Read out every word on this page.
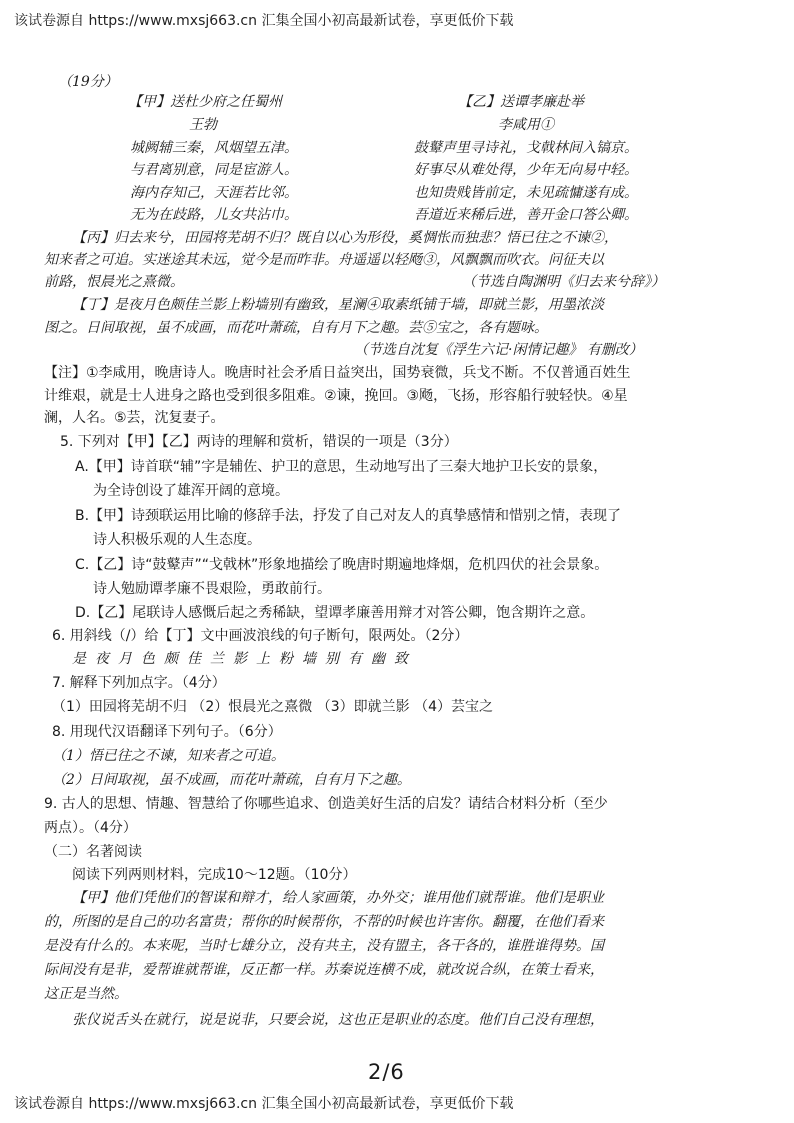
该试卷源自 https://www.mxsj663.cn 汇集全国小初高最新试卷，享更低价下载
（19分）
【甲】送杜少府之任蜀州
王勃
城阙辅三秦，风烟望五津。
与君离别意，同是宦游人。
海内存知己，天涯若比邻。
无为在歧路，儿女共沾巾。
【乙】送谭孝廉赴举
李咸用①
鼓鼙声里寻诗礼，戈戟林间入镐京。
好事尽从难处得，少年无向易中轻。
也知贵贱皆前定，未见疏慵遂有成。
吾道近来稀后进，善开金口答公卿。
【丙】归去来兮，田园将芜胡不归？既自以心为形役，奚惆怅而独悲？悟已往之不谏②，
知来者之可追。实迷途其未远，觉今是而昨非。舟遥遥以轻飏③，风飘飘而吹衣。问征夫以
前路，恨晨光之熹微。	（节选自陶渊明《归去来兮辞》）
【丁】是夜月色颇佳兰影上粉墙别有幽致，星澜④取素纸铺于墙，即就兰影，用墨浓淡
图之。日间取视，虽不成画，而花叶萧疏，自有月下之趣。芸⑤宝之，各有题咏。
（节选自沈复《浮生六记·闲情记趣》 有删改）
【注】①李咸用，晚唐诗人。晚唐时社会矛盾日益突出，国势衰微，兵戈不断。不仅普通百姓生
计维艰，就是士人进身之路也受到很多阻难。②谏，挽回。③飏，飞扬，形容船行驶轻快。④星
澜，人名。⑤芸，沈复妻子。
5. 下列对【甲】【乙】两诗的理解和赏析，错误的一项是（3分）
A.【甲】诗首联“辅”字是辅佐、护卫的意思，生动地写出了三秦大地护卫长安的景象，
为全诗创设了雄浑开阔的意境。
B.【甲】诗颈联运用比喻的修辞手法，抒发了自己对友人的真挚感情和惜别之情，表现了
诗人积极乐观的人生态度。
C.【乙】诗“鼓鼙声”“戈戟林”形象地描绘了晚唐时期遍地烽烟，危机四伏的社会景象。
诗人勉励谭孝廉不畏艰险，勇敢前行。
D.【乙】尾联诗人感慨后起之秀稀缺，望谭孝廉善用辩才对答公卿，饱含期许之意。
6. 用斜线（/）给【丁】文中画波浪线的句子断句，限两处。（2分）
是夜月色颇佳兰影上粉墙别有幽致
7. 解释下列加点字。（4分）
（1）田园将芜胡不归 （2）恨晨光之熹微 （3）即就兰影 （4）芸宝之
8. 用现代汉语翻译下列句子。（6分）
（1）悟已往之不谏，知来者之可追。
（2）日间取视，虽不成画，而花叶萧疏，自有月下之趣。
9. 古人的思想、情趣、智慧给了你哪些追求、创造美好生活的启发？请结合材料分析（至少
两点）。（4分）
（二）名著阅读
阅读下列两则材料，完成10～12题。（10分）
【甲】他们凭他们的智谋和辩才，给人家画策，办外交；谁用他们就帮谁。他们是职业
的，所图的是自己的功名富贵；帮你的时候帮你，不帮的时候也许害你。翻覆，在他们看来
是没有什么的。本来呢，当时七雄分立，没有共主，没有盟主，各干各的，谁胜谁得势。国
际间没有是非，爱帮谁就帮谁，反正都一样。苏秦说连横不成，就改说合纵，在策士看来，
这正是当然。
张仪说舌头在就行，说是说非，只要会说，这也正是职业的态度。他们自己没有理想，
2/6
该试卷源自 https://www.mxsj663.cn 汇集全国小初高最新试卷，享更低价下载
